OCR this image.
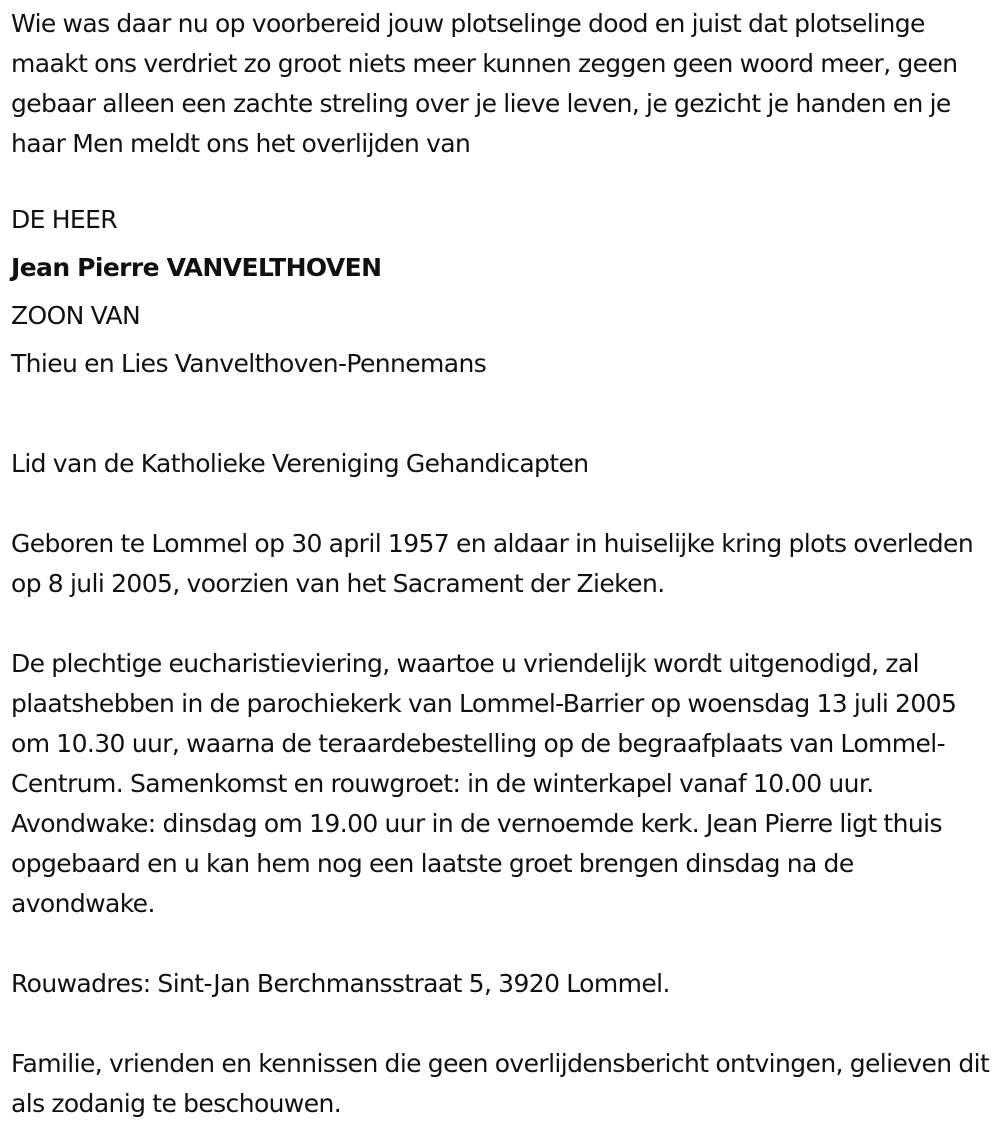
Wie was daar nu op voorbereid jouw plotselinge dood en juist dat plotselinge maakt ons verdriet zo groot niets meer kunnen zeggen geen woord meer, geen gebaar alleen een zachte streling over je lieve leven, je gezicht je handen en je haar Men meldt ons het overlijden van

DE HEER

Jean Pierre VANVELTHOVEN

ZOON VAN

Thieu en Lies Vanvelthoven-Pennemans

Lid van de Katholieke Vereniging Gehandicapten

Geboren te Lommel op 30 april 1957 en aldaar in huiselijke kring plots overleden op 8 juli 2005, voorzien van het Sacrament der Zieken.

De plechtige eucharistieviering, waartoe u vriendelijk wordt uitgenodigd, zal plaatshebben in de parochiekerk van Lommel-Barrier op woensdag 13 juli 2005 om 10.30 uur, waarna de teraardebestelling op de begraafplaats van Lommel-Centrum. Samenkomst en rouwgroet: in de winterkapel vanaf 10.00 uur. Avondwake: dinsdag om 19.00 uur in de vernoemde kerk. Jean Pierre ligt thuis opgebaard en u kan hem nog een laatste groet brengen dinsdag na de avondwake.

Rouwadres: Sint-Jan Berchmansstraat 5, 3920 Lommel.

Familie, vrienden en kennissen die geen overlijdensbericht ontvingen, gelieven dit als zodanig te beschouwen.
